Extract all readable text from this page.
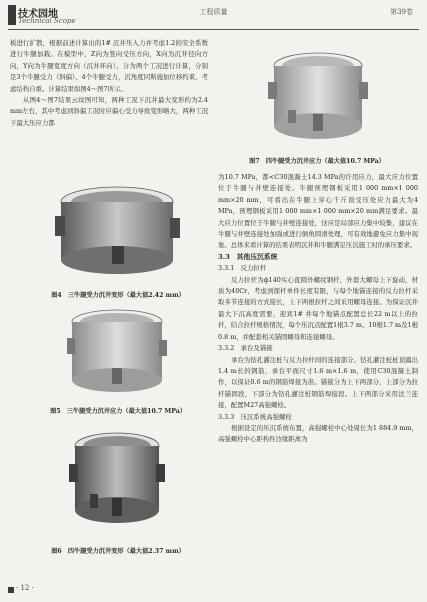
技术园地
Technical Scope
工程质量	第39卷

板进行扩散，根据前述计算出的1# 沉井压入力并考虑1.2的安全系数进行牛腿加载。在模型中，Z向为竖向受压方向，X向为沉井径向方向，Y向为牛腿宽度方向（沉井环向）。分为两个工况进行计算，分别是3个牛腿受力（斜偏）、4个牛腿受力，沉角度同斯施加位移约束，考虑结构自重。计算结果如图4～图7所示。

从图4～图7结果云纹图可知，两种工况下沉井最大变形约为2.4 mm左右，其中考虑到斜偏工况时应偏心受力导致变形略大，两种工况下最大压应力都

图4　三牛腿受力沉井变形（最大值2.42 mm）
图5　三牛腿受力沉井应力（最大值10.7 MPa）
图6　四牛腿受力沉井变形（最大值2.37 mm）
图7　四牛腿受力沉井应力（最大值10.7 MPa）

为10.7 MPa，都<C30混凝土14.3 MPa的许用应力，最大应力位置位于牛腿与井壁连接处。牛腿预埋钢板采用1 000 mm×1 000 mm×20 mm，可看出在牛腿上穿心千斤顶受压处应力最大为4 MPa，预埋钢板采用1 000 mm×1 000 mm×20 mm满足要求。最大应力位置位于牛腿与井壁连接处，这应是局部应力集中较集，建议在牛腿与井壁连接处加强或进行倒角圆滑处理，可有效地避免应力集中现象。总体来看计算的结果表明沉井和牛腿满足压沉施工时的承压要求。

3.3　其他压沉系统

3.3.1　反力拉杆

反力拉杆为ф140实心直圆外螺纹钢杆，外套大螺母上下旋动，材质为40Cr，考虑到探杆单件长度有限，与每个地锚连接的反力拉杆采取多节连接的方式接长，上下两根拉杆之间采用螺母连接。为保证沉井最大下沉高度需要，迎宾1# 井每个地锚点配置总长22 m以上的拉杆，结合拉杆规格情况，每个压沉点配置1根3.7 m、10根1.7 m及1根0.8 m，并配套相关锚固螺母和连接螺母。

3.3.2　承台及锚箍

承台为钻孔灌注桩与反力拉杆间的连接部分。钻孔灌注桩桩顶露出1.4 m长的钢筋，承台平面尺寸1.6 m×1.6 m，使用C30混凝土制作，以保证0.6 m的钢筋焊接为准。锚箍分为上下两部分，上部分为拉杆锚固段，下部分为钻孔灌注桩钢筋焊接段。上下两部分采用法兰连接，配置M27高强螺栓。

3.3.3　压沉系统高强螺栓

根据设定的压沉系统布置，高强螺栓中心处周长为1 884.9 mm，高强螺栓中心距构件边缘距离为

· 12 ·
